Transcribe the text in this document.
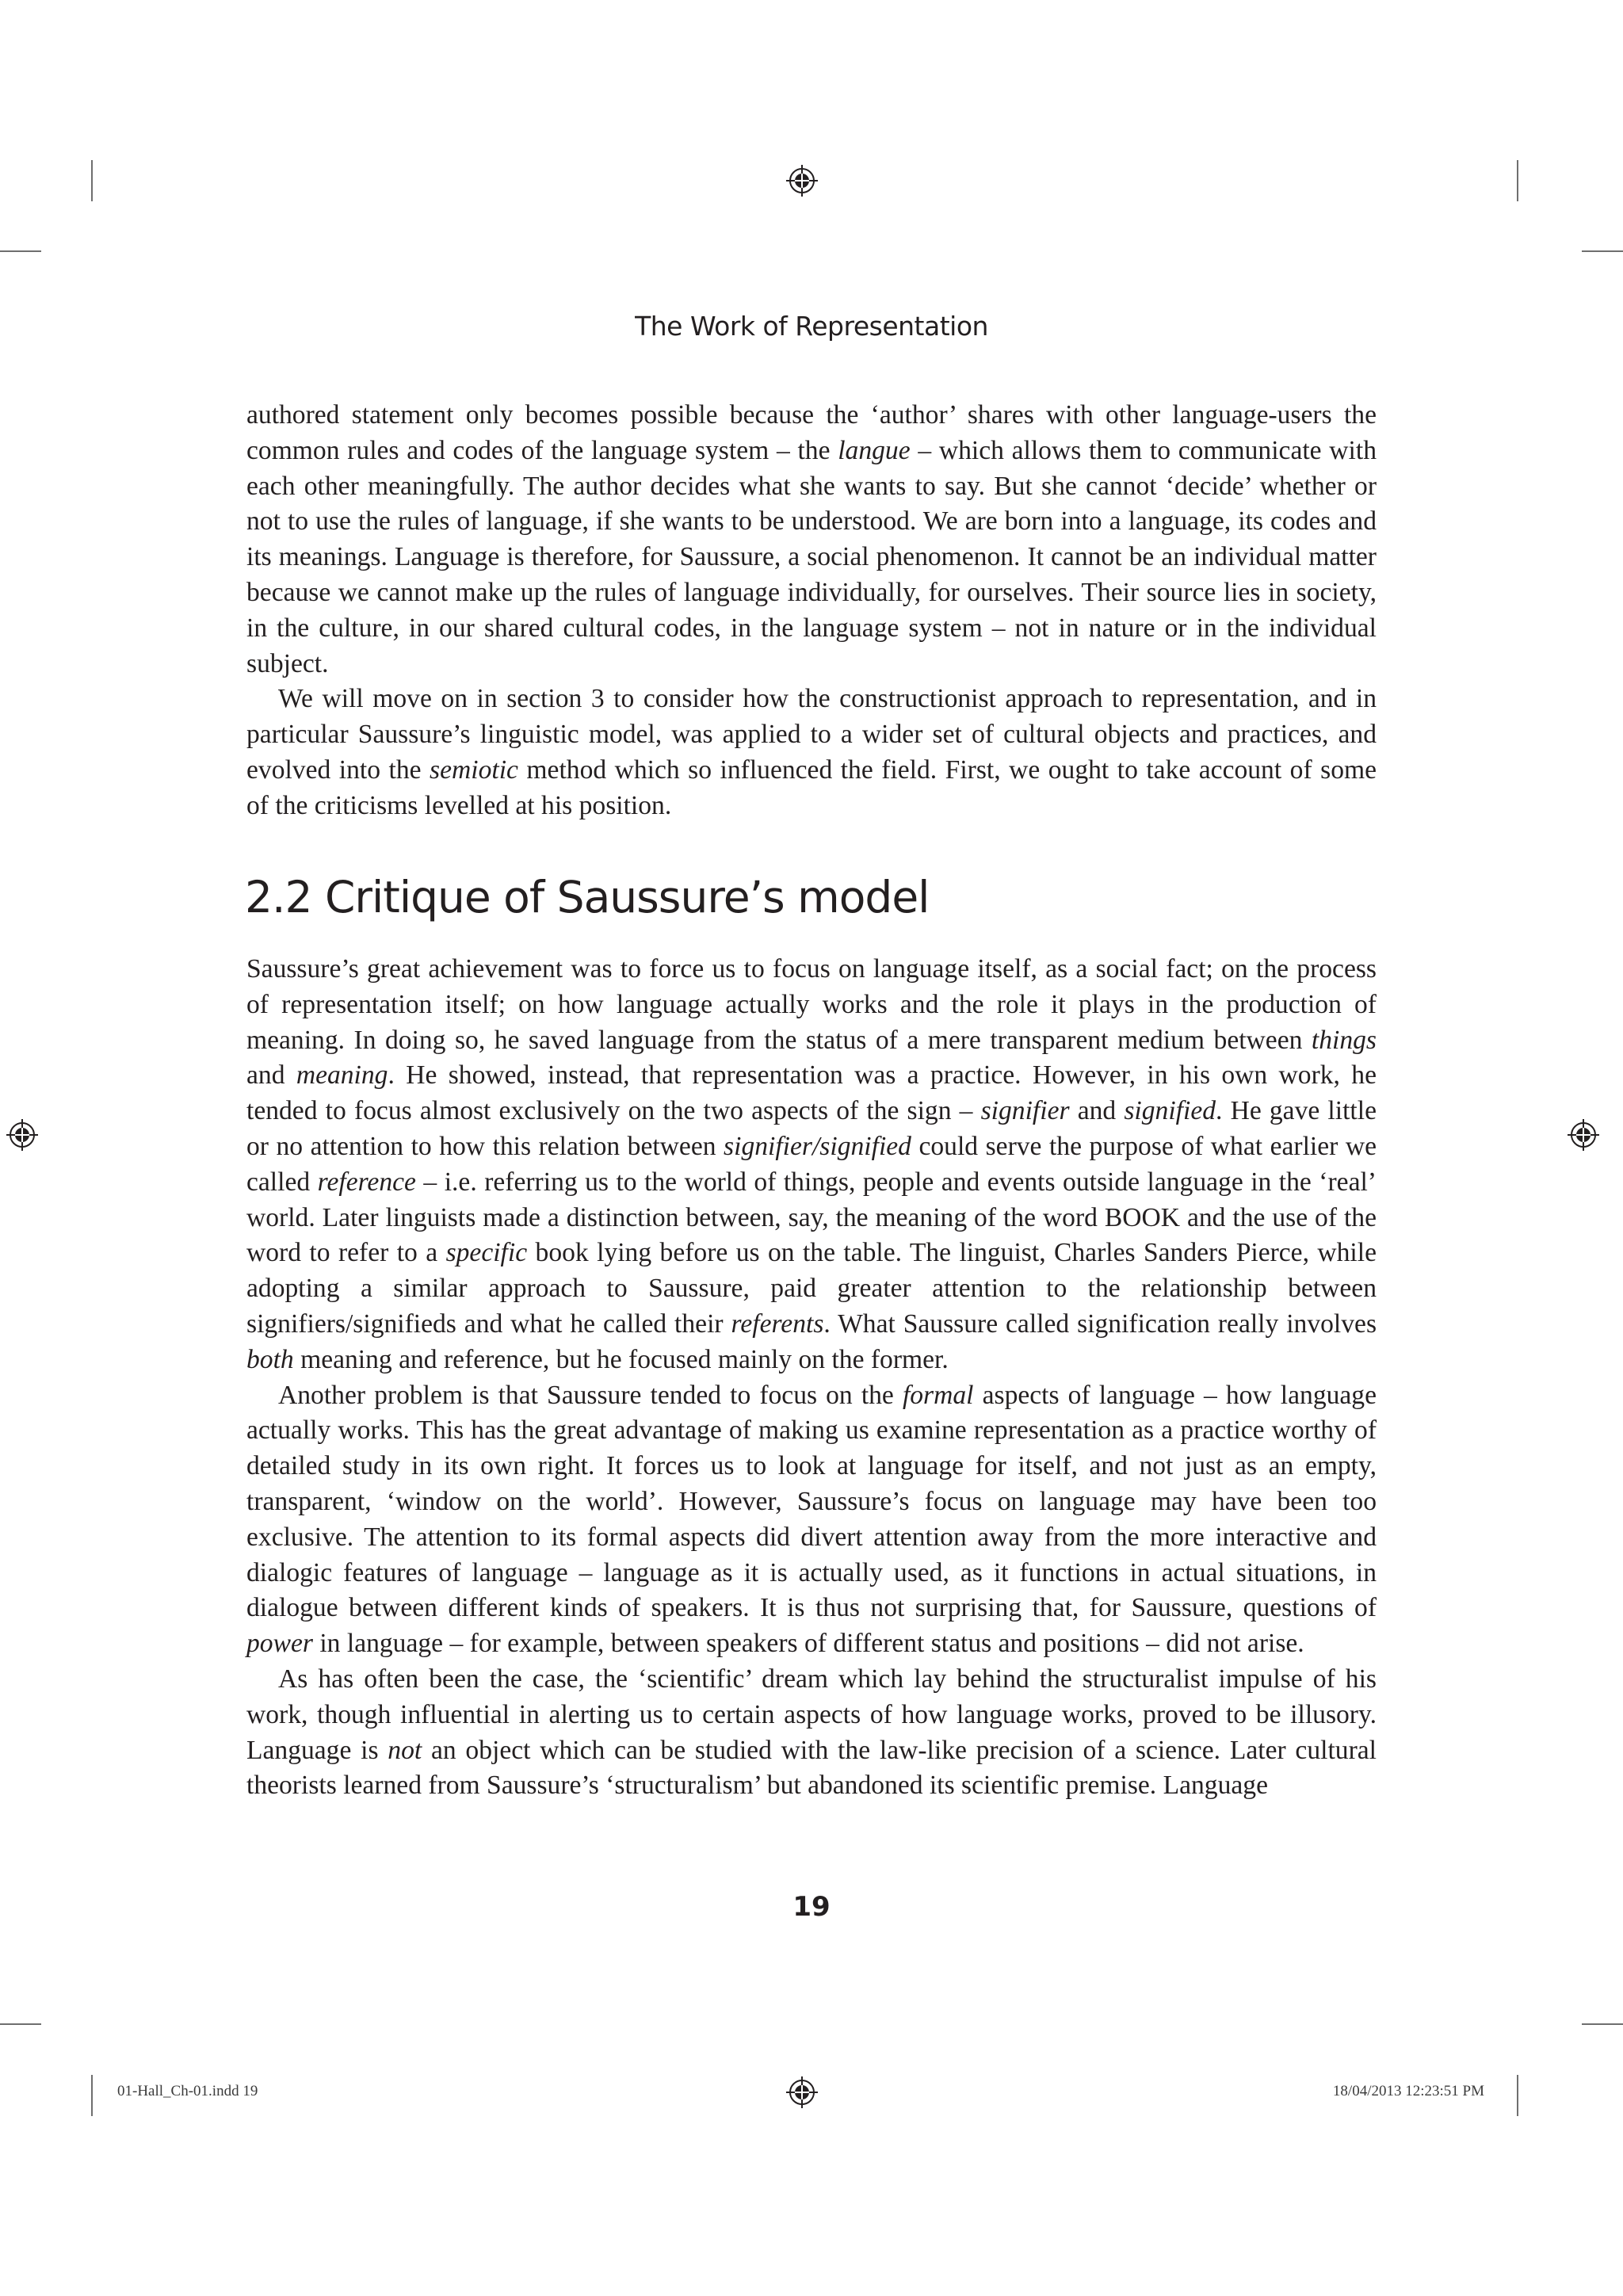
The Work of Representation

authored statement only becomes possible because the ‘author’ shares with other language-users the common rules and codes of the language system – the langue – which allows them to communicate with each other meaningfully. The author decides what she wants to say. But she cannot ‘decide’ whether or not to use the rules of language, if she wants to be understood. We are born into a language, its codes and its meanings. Language is therefore, for Saussure, a social phenomenon. It cannot be an individual matter because we cannot make up the rules of language individually, for ourselves. Their source lies in society, in the culture, in our shared cultural codes, in the language system – not in nature or in the individual subject.

We will move on in section 3 to consider how the constructionist approach to representation, and in particular Saussure’s linguistic model, was applied to a wider set of cultural objects and practices, and evolved into the semiotic method which so influenced the field. First, we ought to take account of some of the criticisms levelled at his position.

2.2 Critique of Saussure’s model

Saussure’s great achievement was to force us to focus on language itself, as a social fact; on the process of representation itself; on how language actually works and the role it plays in the production of meaning. In doing so, he saved language from the status of a mere transparent medium between things and meaning. He showed, instead, that representation was a practice. However, in his own work, he tended to focus almost exclusively on the two aspects of the sign – signifier and signified. He gave little or no attention to how this relation between signifier/signified could serve the purpose of what earlier we called reference – i.e. referring us to the world of things, people and events outside language in the ‘real’ world. Later linguists made a distinction between, say, the meaning of the word BOOK and the use of the word to refer to a specific book lying before us on the table. The linguist, Charles Sanders Pierce, while adopting a similar approach to Saussure, paid greater attention to the relationship between signifiers/signifieds and what he called their referents. What Saussure called signification really involves both meaning and reference, but he focused mainly on the former.

Another problem is that Saussure tended to focus on the formal aspects of language – how language actually works. This has the great advantage of making us examine representation as a practice worthy of detailed study in its own right. It forces us to look at language for itself, and not just as an empty, transparent, ‘window on the world’. However, Saussure’s focus on language may have been too exclusive. The attention to its formal aspects did divert attention away from the more interactive and dialogic features of language – language as it is actually used, as it functions in actual situations, in dialogue between different kinds of speakers. It is thus not surprising that, for Saussure, questions of power in language – for example, between speakers of different status and positions – did not arise.

As has often been the case, the ‘scientific’ dream which lay behind the structuralist impulse of his work, though influential in alerting us to certain aspects of how language works, proved to be illusory. Language is not an object which can be studied with the law-like precision of a science. Later cultural theorists learned from Saussure’s ‘structuralism’ but abandoned its scientific premise. Language

19
01-Hall_Ch-01.indd 19	18/04/2013 12:23:51 PM
